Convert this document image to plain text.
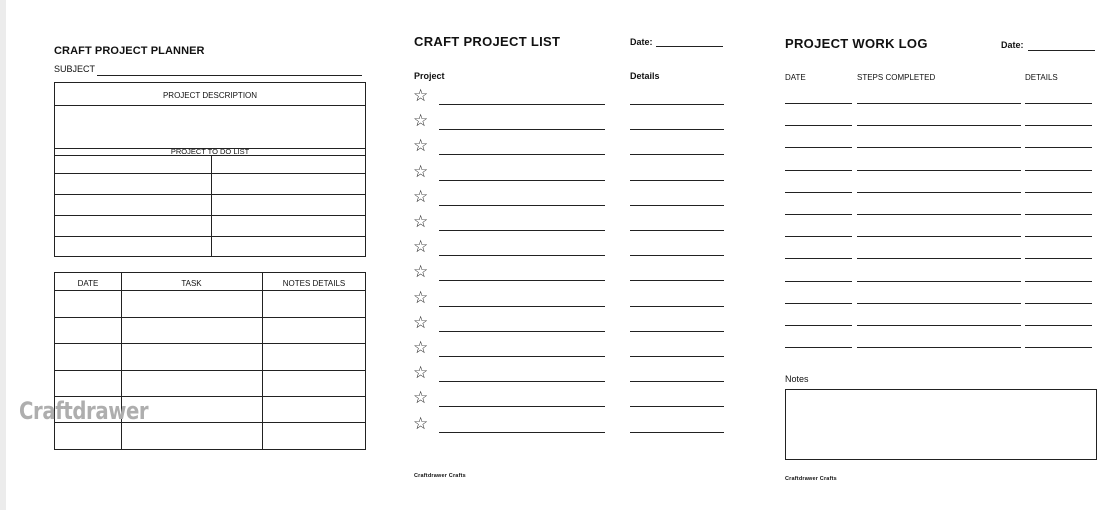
CRAFT PROJECT PLANNER
SUBJECT
PROJECT DESCRIPTION
PROJECT TO DO LIST
DATE	TASK	NOTES DETAILS
Craftdrawer
CRAFT PROJECT LIST	Date:
Project	Details
☆
☆
☆
☆
☆
☆
☆
☆
☆
☆
☆
☆
☆
☆
Craftdrawer Crafts
PROJECT WORK LOG	Date:
DATE	STEPS COMPLETED	DETAILS
Notes
Craftdrawer Crafts
